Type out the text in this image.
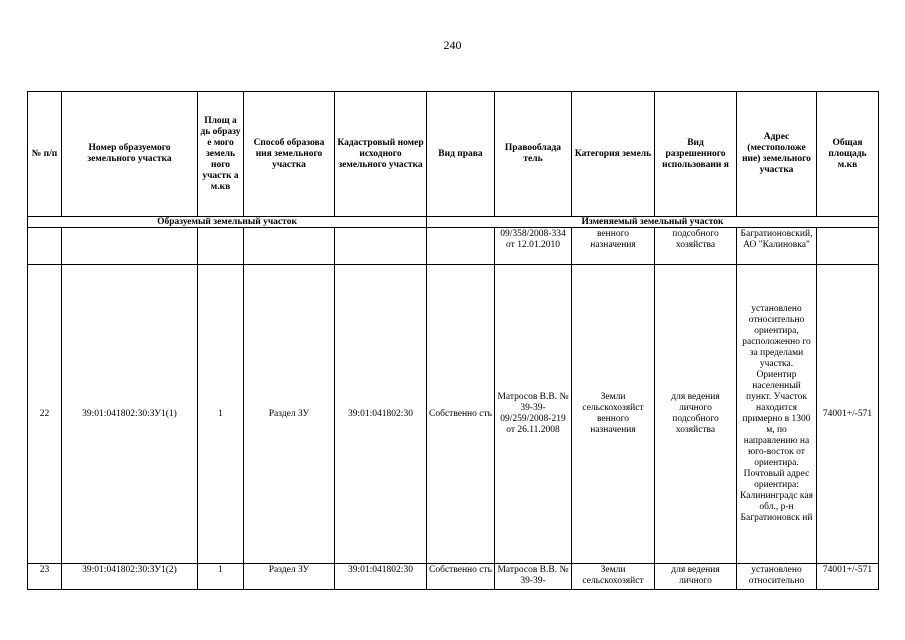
240
№ п/п	Номер образуемого земельного участка	Площ а дь образу е мого земель ного участк а м.кв	Способ образова ния земельного участка	Кадастровый номер исходного земельного участка	Вид права	Правооблада тель	Категория земель	Вид разрешенного использовани я	Адрес (местоположе ние) земельного участка	Общая площадь м.кв
Образуемый земельный участок					Изменяемый земельный участок					
						09/358/2008-334 от 12.01.2010	венного назначения	подсобного хозяйства	Багратионовский, АО "Калиновка"	
22	39:01:041802:30:ЗУ1(1)	1	Раздел ЗУ	39:01:041802:30	Собственно сть	Матросов В.В. № 39-39-09/259/2008-219 от 26.11.2008	Земли сельскохозяйст венного назначения	для ведения личного подсобного хозяйства	установлено относительно ориентира, расположенно го за пределами участка. Ориентир населенный пункт. Участок находится примерно в 1300 м, по направлению на юго-восток от ориентира. Почтовый адрес ориентира: Калининградс кая обл., р-н Багратионовск ий	74001+/-571
23	39:01:041802:30:ЗУ1(2)	1	Раздел ЗУ	39:01:041802:30	Собственно сть	Матросов В.В. № 39-39-	Земли сельскохозяйст	для ведения личного	установлено относительно	74001+/-571
